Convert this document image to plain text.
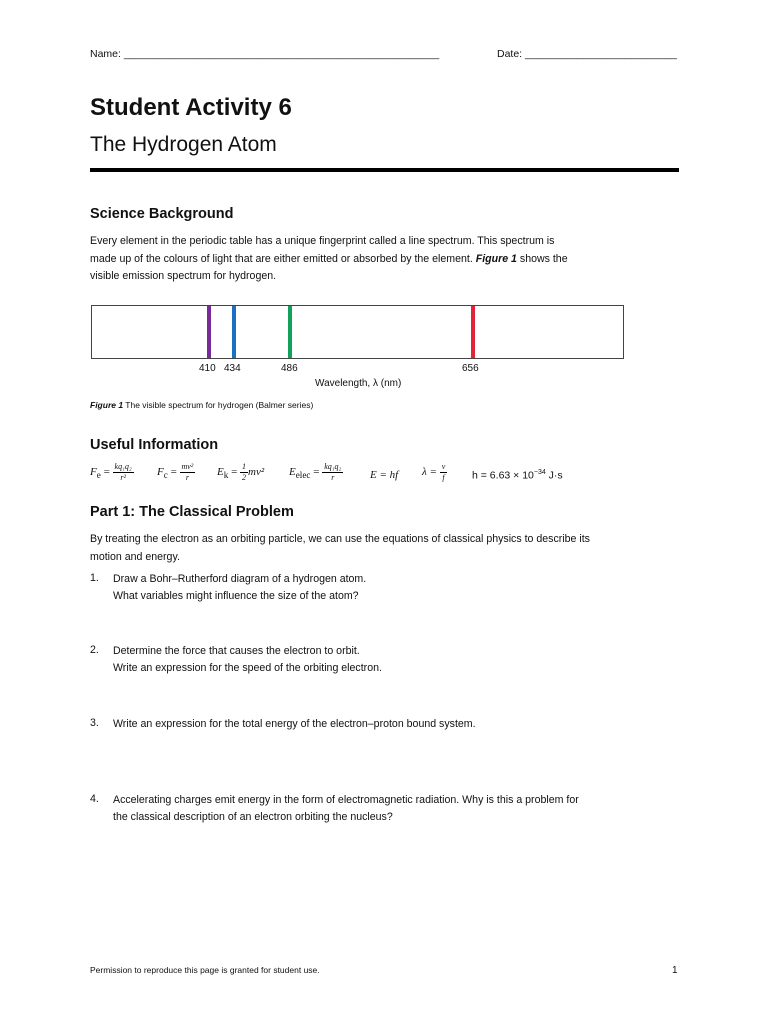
Name: ______________________________________________________	Date: __________________________
Student Activity 6
The Hydrogen Atom
Science Background
Every element in the periodic table has a unique fingerprint called a line spectrum. This spectrum is
made up of the colours of light that are either emitted or absorbed by the element. Figure 1 shows the
visible emission spectrum for hydrogen.
410 434	486	656
Wavelength, λ (nm)
Figure 1 The visible spectrum for hydrogen (Balmer series)
Useful Information
$F_e = \frac{\text{kq₁q₂}}{\text{r²}} F_c = \frac{\text{mv²}}{r} E_k = \frac{1}{2} mv^2$ $E_{elec} = \frac{\text{kq₁q₂}}{r}$ E = hf $\lambda = \frac{v}{f}$ $h = 6.63 \times 10^{-34}$ J·s
Part 1: The Classical Problem
By treating the electron as an orbiting particle, we can use the equations of classical physics to describe its
motion and energy.
1. Draw a Bohr–Rutherford diagram of a hydrogen atom.
What variables might influence the size of the atom?
2. Determine the force that causes the electron to orbit.
Write an expression for the speed of the orbiting electron.
3. Write an expression for the total energy of the electron–proton bound system.
4. Accelerating charges emit energy in the form of electromagnetic radiation. Why is this a problem for
the classical description of an electron orbiting the nucleus?
Permission to reproduce this page is granted for student use.	1
